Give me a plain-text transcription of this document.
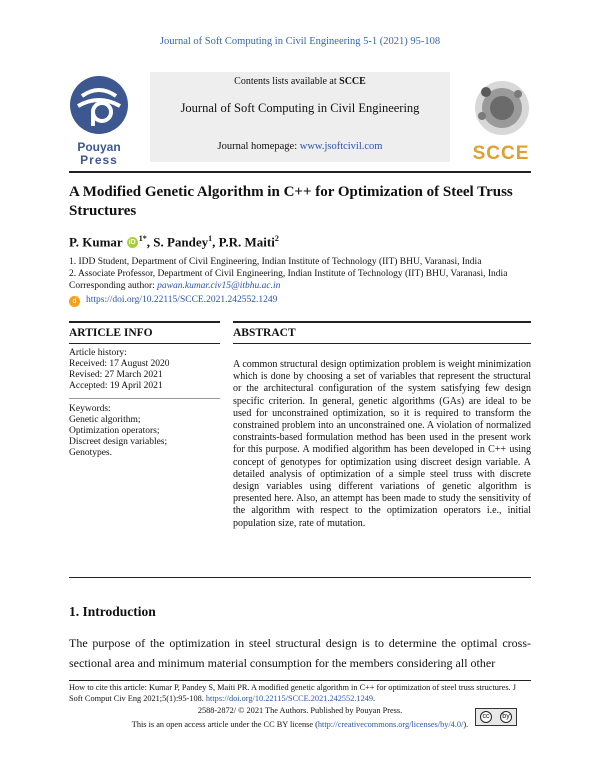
Journal of Soft Computing in Civil Engineering 5-1 (2021) 95-108
Contents lists available at SCCE
Journal of Soft Computing in Civil Engineering
Journal homepage: www.jsoftcivil.com
Pouyan
Press	SCCE
A Modified Genetic Algorithm in C++ for Optimization of Steel Truss Structures
P. Kumar iD $^{1*}$, S. Pandey$^1$, P.R. Maiti$^2$
1. IDD Student, Department of Civil Engineering, Indian Institute of Technology (IIT) BHU, Varanasi, India
2. Associate Professor, Department of Civil Engineering, Indian Institute of Technology (IIT) BHU, Varanasi, India
Corresponding author: pawan.kumar.civ15@itbhu.ac.in
d https://doi.org/10.22115/SCCE.2021.242552.1249
ARTICLE INFO
Article history:
Received: 17 August 2020
Revised: 27 March 2021
Accepted: 19 April 2021
Keywords:
Genetic algorithm;
Optimization operators;
Discreet design variables;
Genotypes.
ABSTRACT
A common structural design optimization problem is weight minimization which is done by choosing a set of variables that represent the structural or the architectural configuration of the system satisfying few design specific criterion. In general, genetic algorithms (GAs) are ideal to be used for unconstrained optimization, so it is required to transform the constrained problem into an unconstrained one. A violation of normalized constraints-based formulation method has been used in the present work for this purpose. A modified algorithm has been developed in C++ using concept of genotypes for optimization using discreet design variable. A detailed analysis of optimization of a simple steel truss with discrete design variables using different variations of genetic algorithm is presented here. Also, an attempt has been made to study the sensitivity of the algorithm with respect to the optimization operators i.e., initial population size, rate of mutation.
1. Introduction
The purpose of the optimization in steel structural design is to determine the optimal cross-sectional area and minimum material consumption for the members considering all other
How to cite this article: Kumar P, Pandey S, Maiti PR. A modified genetic algorithm in C++ for optimization of steel truss structures. J Soft Comput Civ Eng 2021;5(1):95-108. https://doi.org/10.22115/SCCE.2021.242552.1249.
2588-2872/ © 2021 The Authors. Published by Pouyan Press.
This is an open access article under the CC BY license (http://creativecommons.org/licenses/by/4.0/).
cc	by
